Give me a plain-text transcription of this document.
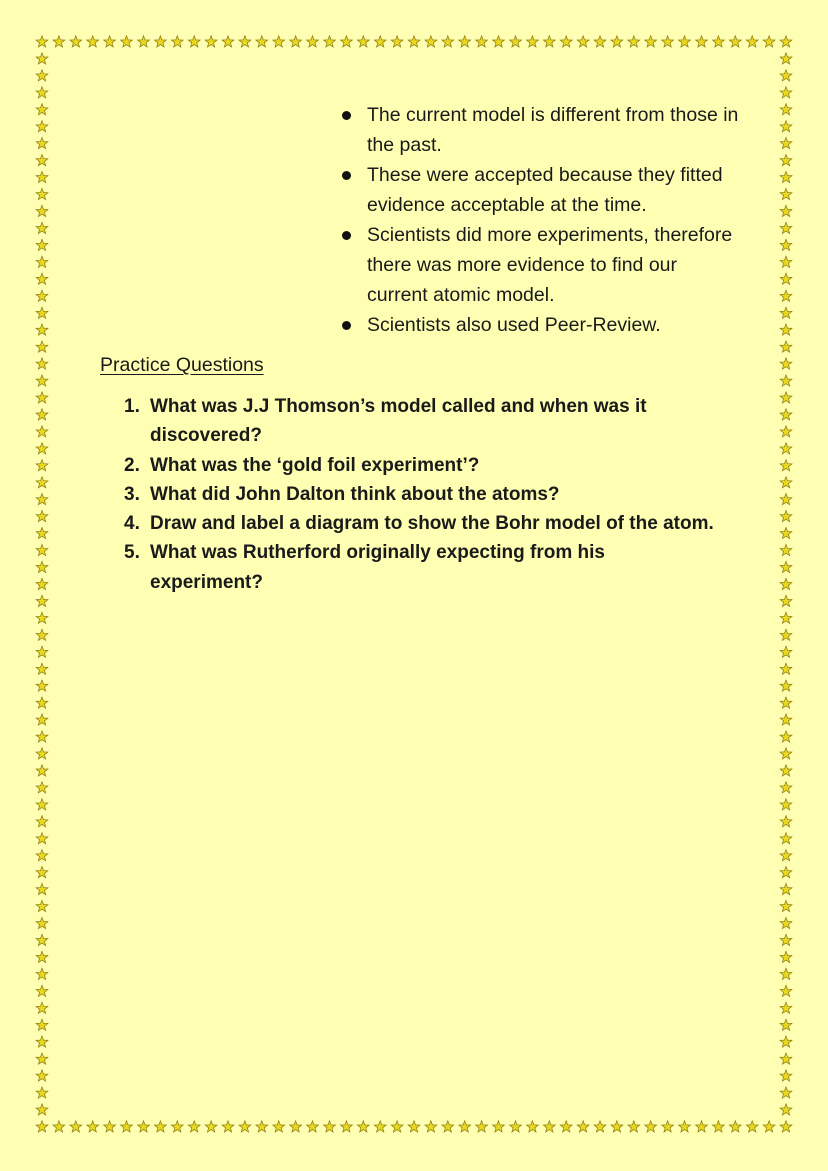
The current model is different from those in the past.
These were accepted because they fitted evidence acceptable at the time.
Scientists did more experiments, therefore there was more evidence to find our current atomic model.
Scientists also used Peer-Review.
Practice Questions
1. What was J.J Thomson’s model called and when was it discovered?
2. What was the ‘gold foil experiment’?
3. What did John Dalton think about the atoms?
4. Draw and label a diagram to show the Bohr model of the atom.
5. What was Rutherford originally expecting from his experiment?
